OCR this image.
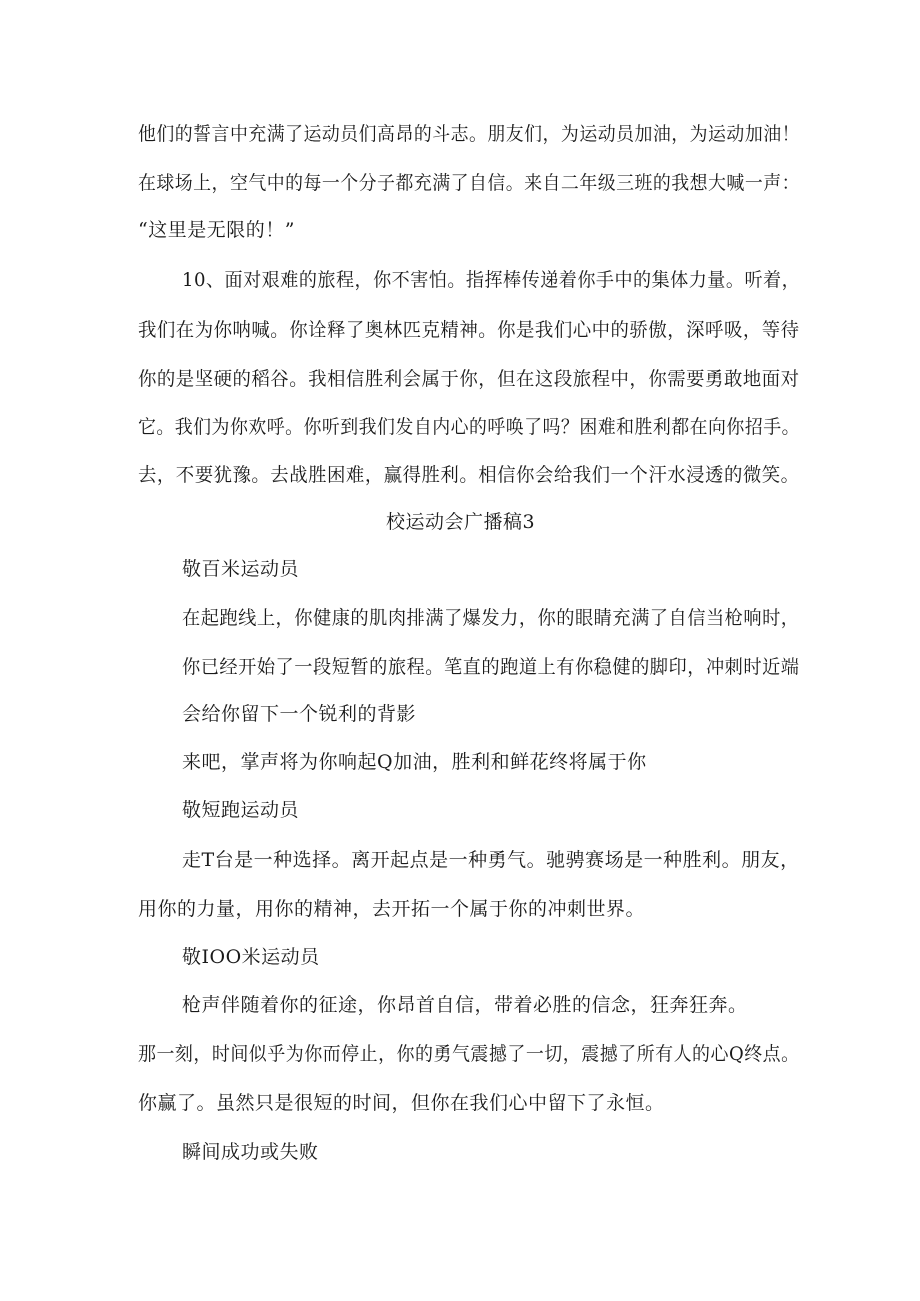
他们的誓言中充满了运动员们高昂的斗志。朋友们，为运动员加油，为运动加油！
在球场上，空气中的每一个分子都充满了自信。来自二年级三班的我想大喊一声：
“这里是无限的！”
10、面对艰难的旅程，你不害怕。指挥棒传递着你手中的集体力量。听着，
我们在为你呐喊。你诠释了奥林匹克精神。你是我们心中的骄傲，深呼吸，等待
你的是坚硬的稻谷。我相信胜利会属于你，但在这段旅程中，你需要勇敢地面对
它。我们为你欢呼。你听到我们发自内心的呼唤了吗？困难和胜利都在向你招手。
去，不要犹豫。去战胜困难，赢得胜利。相信你会给我们一个汗水浸透的微笑。
校运动会广播稿3
敬百米运动员
在起跑线上，你健康的肌肉排满了爆发力，你的眼睛充满了自信当枪响时，
你已经开始了一段短暂的旅程。笔直的跑道上有你稳健的脚印，冲刺时近端
会给你留下一个锐利的背影
来吧，掌声将为你响起Q加油，胜利和鲜花终将属于你
敬短跑运动员
走T台是一种选择。离开起点是一种勇气。驰骋赛场是一种胜利。朋友，
用你的力量，用你的精神，去开拓一个属于你的冲刺世界。
敬IOO米运动员
枪声伴随着你的征途，你昂首自信，带着必胜的信念，狂奔狂奔。
那一刻，时间似乎为你而停止，你的勇气震撼了一切，震撼了所有人的心Q终点。
你赢了。虽然只是很短的时间，但你在我们心中留下了永恒。
瞬间成功或失败
